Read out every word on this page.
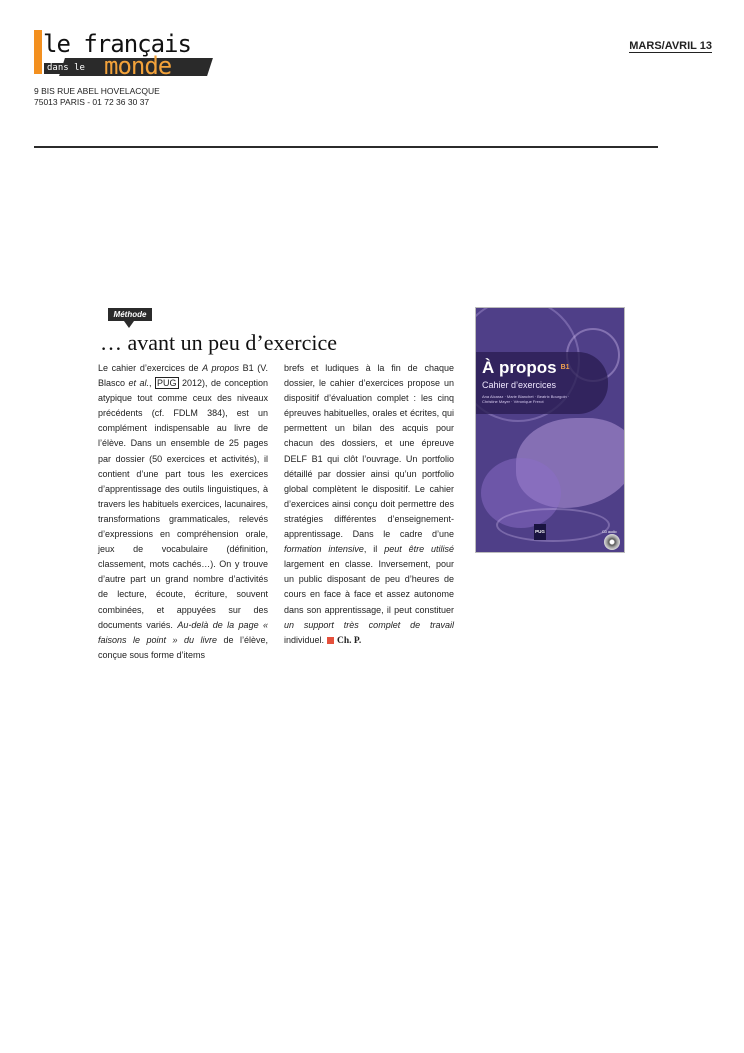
le français
dans le monde
9 BIS RUE ABEL HOVELACQUE
75013 PARIS - 01 72 36 30 37
MARS/AVRIL 13
Méthode
… avant un peu d’exercice

Le cahier d’exercices de A propos B1 (V. Blasco et al., PUG 2012), de conception atypique tout comme ceux des niveaux précédents (cf. FDLM 384), est un complément indispensable au livre de l’élève. Dans un ensemble de 25 pages par dossier (50 exercices et activités), il contient d’une part tous les exercices d’apprentissage des outils linguistiques, à travers les habituels exercices, lacunaires, transformations grammaticales, relevés d’expressions en compréhension orale, jeux de vocabulaire (définition, classement, mots cachés…). On y trouve d’autre part un grand nombre d’activités de lecture, écoute, écriture, souvent combinées, et appuyées sur des documents variés. Au-delà de la page « faisons le point » du livre de l’élève, conçue sous forme d’items

brefs et ludiques à la fin de chaque dossier, le cahier d’exercices propose un dispositif d’évaluation complet : les cinq épreuves habituelles, orales et écrites, qui permettent un bilan des acquis pour chacun des dossiers, et une épreuve DELF B1 qui clôt l’ouvrage. Un portfolio détaillé par dossier ainsi qu’un portfolio global complètent le dispositif. Le cahier d’exercices ainsi conçu doit permettre des stratégies différentes d’enseignement-apprentissage. Dans le cadre d’une formation intensive, il peut être utilisé largement en classe. Inversement, pour un public disposant de peu d’heures de cours en face à face et assez autonome dans son apprentissage, il peut constituer un support très complet de travail individuel. Ch. P.

À propos $^{B1}$
Cahier d’exercices
Ana Alcaraz · Marie Blanchet · Beatrix Bourgoin · Christine Mayer · Véronique Frerot
PUG	CD audio
